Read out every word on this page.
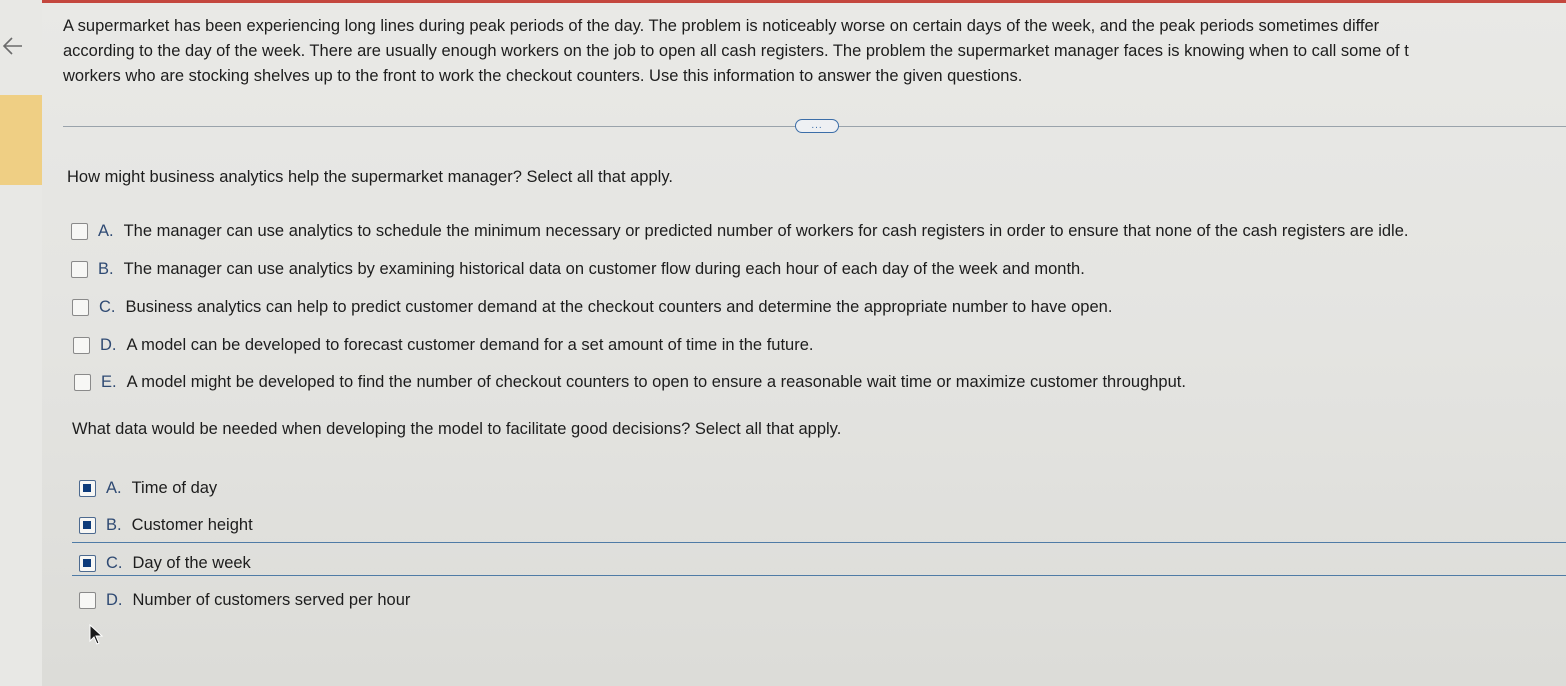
A supermarket has been experiencing long lines during peak periods of the day. The problem is noticeably worse on certain days of the week, and the peak periods sometimes differ
according to the day of the week. There are usually enough workers on the job to open all cash registers. The problem the supermarket manager faces is knowing when to call some of t
workers who are stocking shelves up to the front to work the checkout counters. Use this information to answer the given questions.
...
How might business analytics help the supermarket manager? Select all that apply.
A. The manager can use analytics to schedule the minimum necessary or predicted number of workers for cash registers in order to ensure that none of the cash registers are idle.
B. The manager can use analytics by examining historical data on customer flow during each hour of each day of the week and month.
C. Business analytics can help to predict customer demand at the checkout counters and determine the appropriate number to have open.
D. A model can be developed to forecast customer demand for a set amount of time in the future.
E. A model might be developed to find the number of checkout counters to open to ensure a reasonable wait time or maximize customer throughput.
What data would be needed when developing the model to facilitate good decisions? Select all that apply.
A. Time of day
B. Customer height
C. Day of the week
D. Number of customers served per hour
